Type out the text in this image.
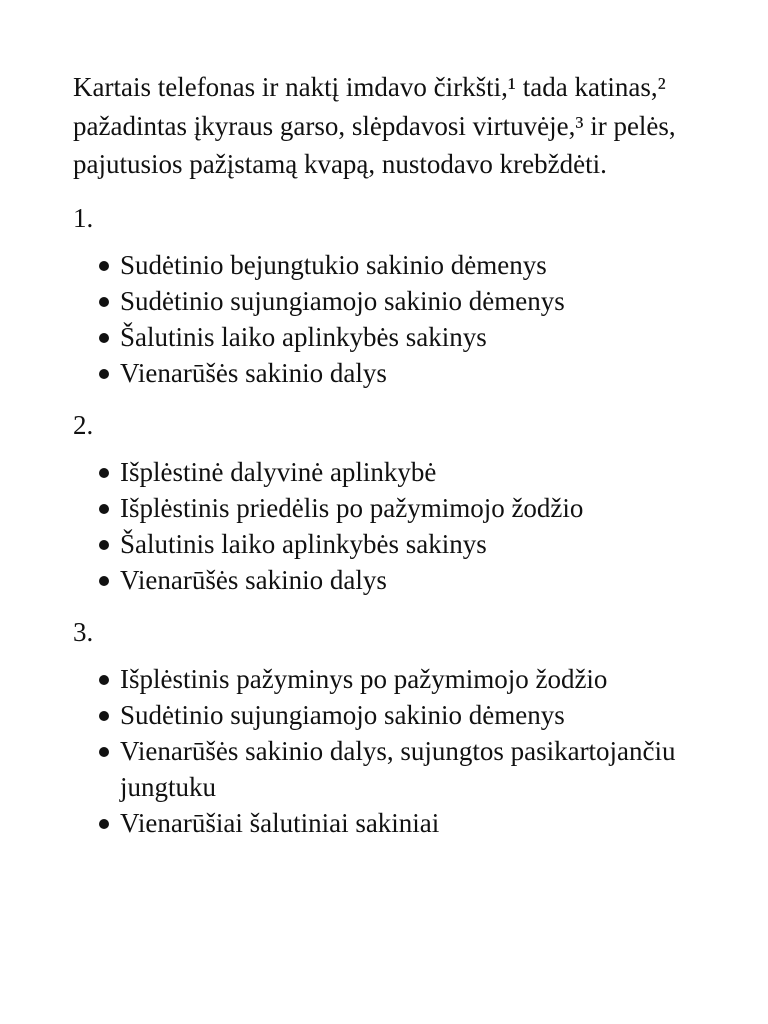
Kartais telefonas ir naktį imdavo čirkšti,¹ tada katinas,² pažadintas įkyraus garso, slėpdavosi virtuvėje,³ ir pelės, pajutusios pažįstamą kvapą, nustodavo krebždėti.

1.
Sudėtinio bejungtukio sakinio dėmenys
Sudėtinio sujungiamojo sakinio dėmenys
Šalutinis laiko aplinkybės sakinys
Vienarūšės sakinio dalys
2.
Išplėstinė dalyvinė aplinkybė
Išplėstinis priedėlis po pažymimojo žodžio
Šalutinis laiko aplinkybės sakinys
Vienarūšės sakinio dalys
3.
Išplėstinis pažyminys po pažymimojo žodžio
Sudėtinio sujungiamojo sakinio dėmenys
Vienarūšės sakinio dalys, sujungtos pasikartojančiu jungtuku
Vienarūšiai šalutiniai sakiniai
